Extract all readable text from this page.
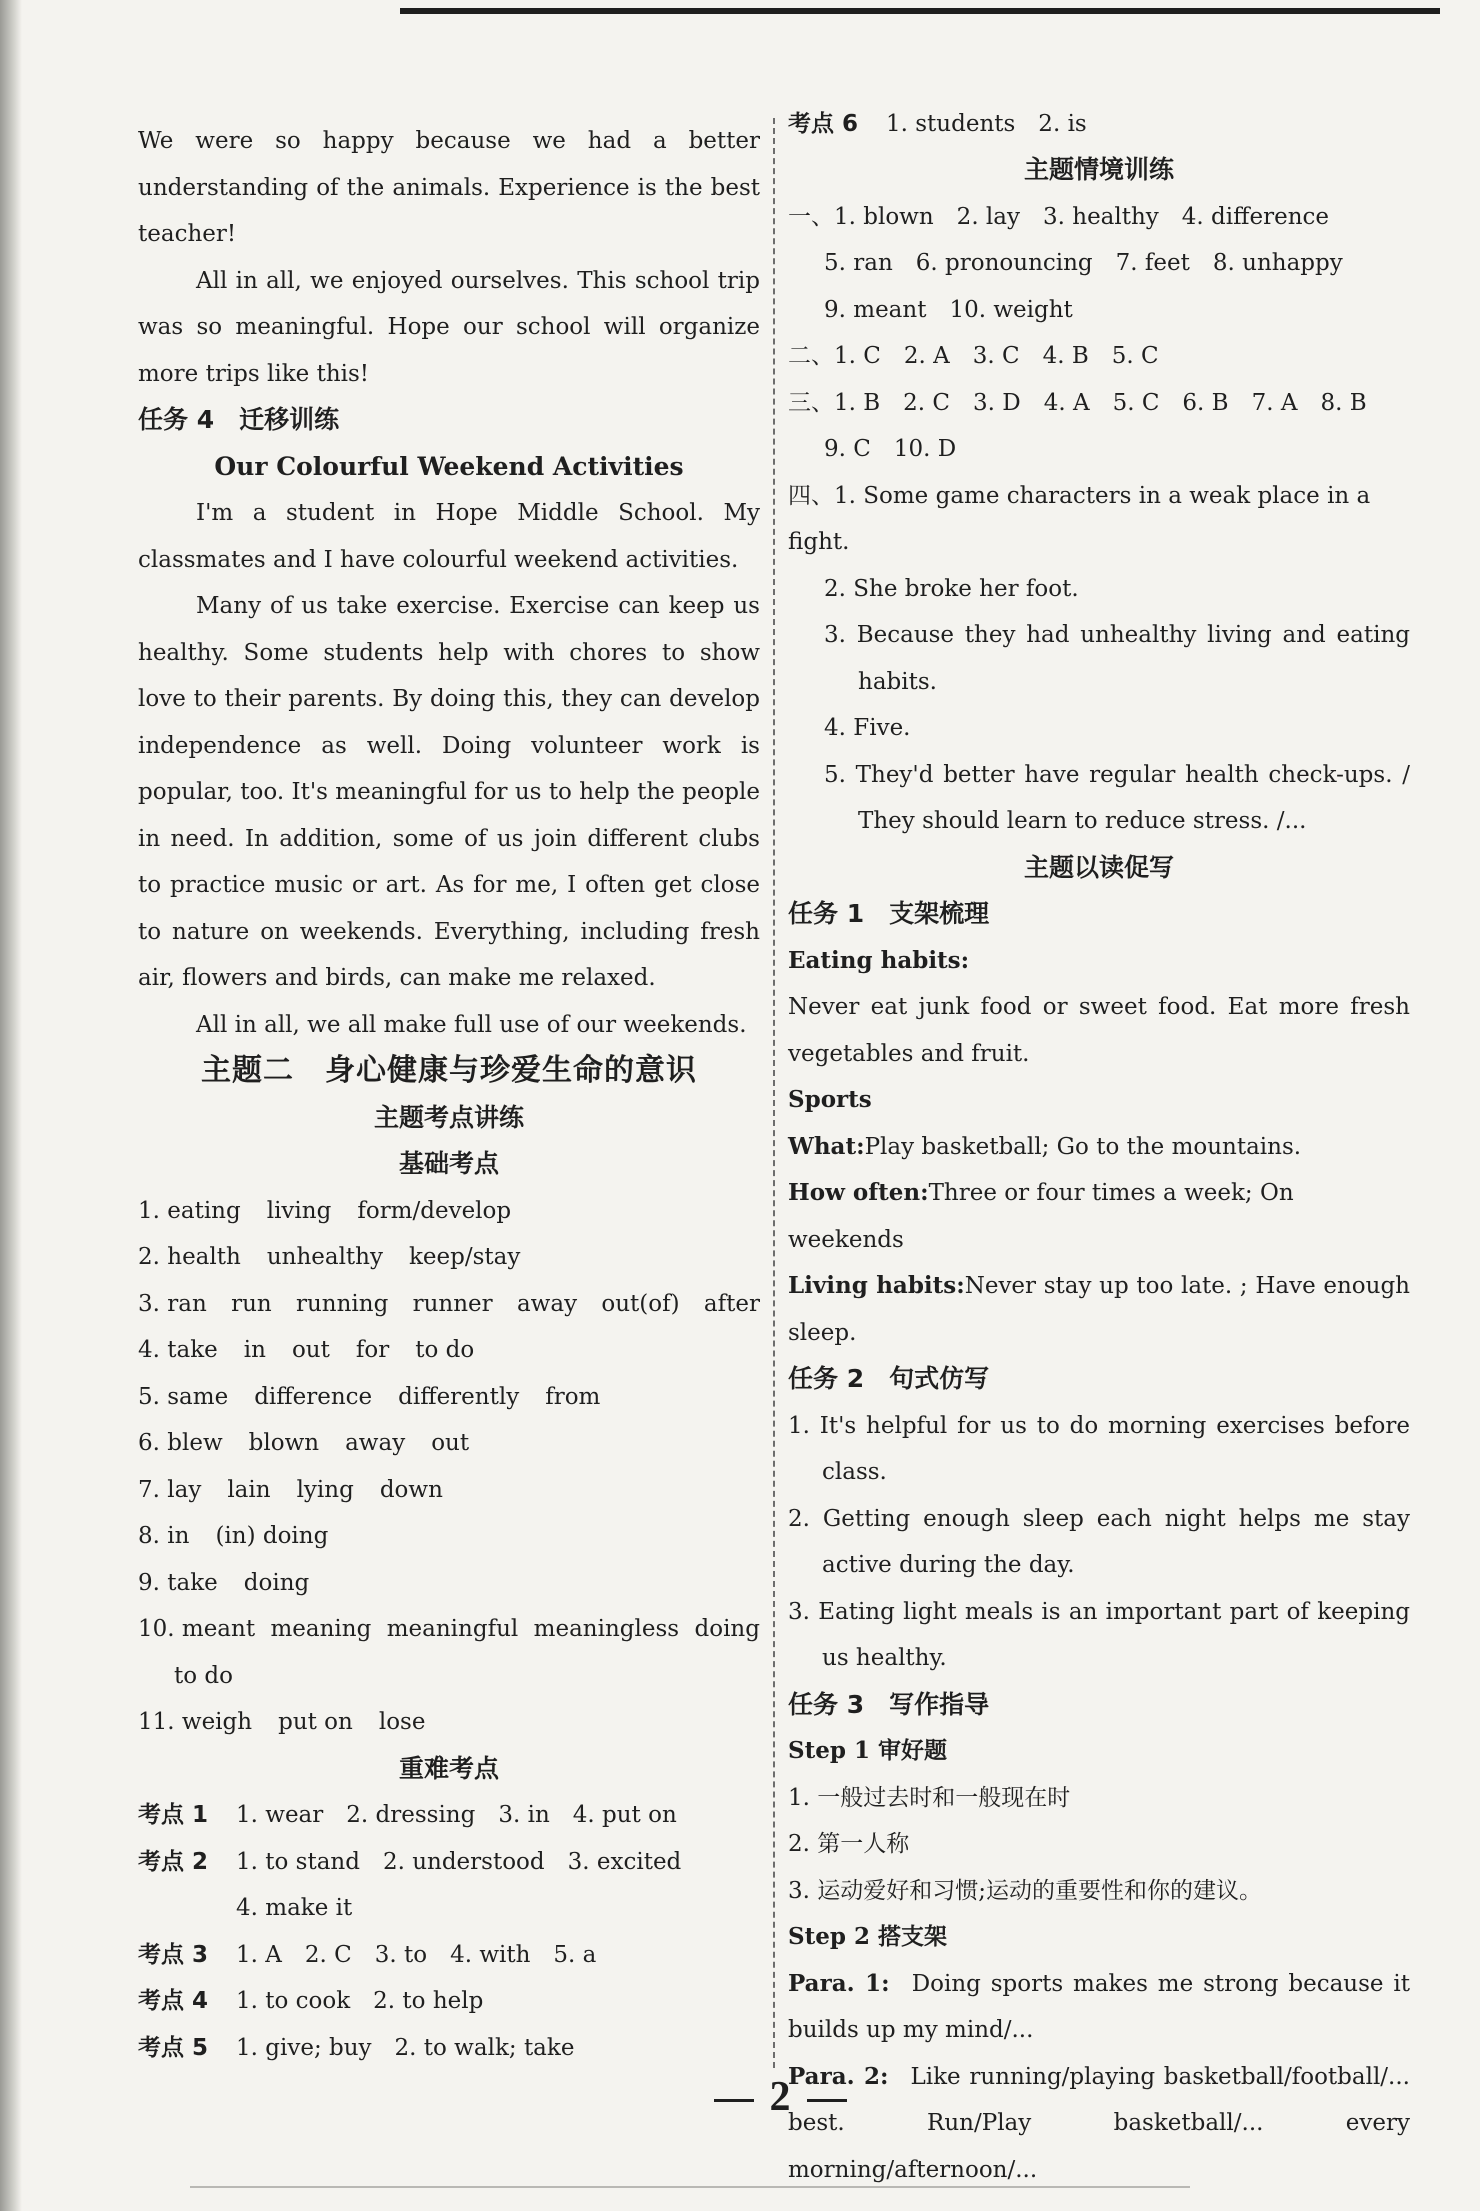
We were so happy because we had a better understanding of the animals. Experience is the best teacher!

All in all, we enjoyed ourselves. This school trip was so meaningful. Hope our school will organize more trips like this!

任务 4　迁移训练

Our Colourful Weekend Activities

I'm a student in Hope Middle School. My classmates and I have colourful weekend activities.

Many of us take exercise. Exercise can keep us healthy. Some students help with chores to show love to their parents. By doing this, they can develop independence as well. Doing volunteer work is popular, too. It's meaningful for us to help the people in need. In addition, some of us join different clubs to practice music or art. As for me, I often get close to nature on weekends. Everything, including fresh air, flowers and birds, can make me relaxed.

All in all, we all make full use of our weekends.

主题二　身心健康与珍爱生命的意识

主题考点讲练

基础考点

1. eating living form/develop

2. health unhealthy keep/stay

3. ran run running runner away out(of) after

4. take in out for to do

5. same difference differently from

6. blew blown away out

7. lay lain lying down

8. in (in) doing

9. take doing

10. meant meaning meaningful meaningless doing

to do

11. weigh put on lose

重难考点

考点 1 1. wear　2. dressing　3. in　4. put on

考点 2 1. to stand　2. understood　3. excited

4. make it

考点 3 1. A　2. C　3. to　4. with　5. a

考点 4 1. to cook　2. to help

考点 5 1. give; buy　2. to walk; take

考点 6 1. students　2. is

主题情境训练

一、1. blown　2. lay　3. healthy　4. difference

5. ran　6. pronouncing　7. feet　8. unhappy

9. meant　10. weight

二、1. C　2. A　3. C　4. B　5. C

三、1. B　2. C　3. D　4. A　5. C　6. B　7. A　8. B

9. C　10. D

四、1. Some game characters in a weak place in a fight.

2. She broke her foot.

3. Because they had unhealthy living and eating habits.

4. Five.

5. They'd better have regular health check-ups. / They should learn to reduce stress. /...

主题以读促写

任务 1　支架梳理

Eating habits:

Never eat junk food or sweet food. Eat more fresh vegetables and fruit.

Sports

What:Play basketball; Go to the mountains.

How often:Three or four times a week; On weekends

Living habits:Never stay up too late. ; Have enough sleep.

任务 2　句式仿写

1. It's helpful for us to do morning exercises before class.

2. Getting enough sleep each night helps me stay active during the day.

3. Eating light meals is an important part of keeping us healthy.

任务 3　写作指导

Step 1 审好题

1. 一般过去时和一般现在时

2. 第一人称

3. 运动爱好和习惯;运动的重要性和你的建议。

Step 2 搭支架

Para. 1: Doing sports makes me strong because it builds up my mind/...

Para. 2: Like running/playing basketball/football/... best. Run/Play basketball/... every morning/afternoon/...

2
